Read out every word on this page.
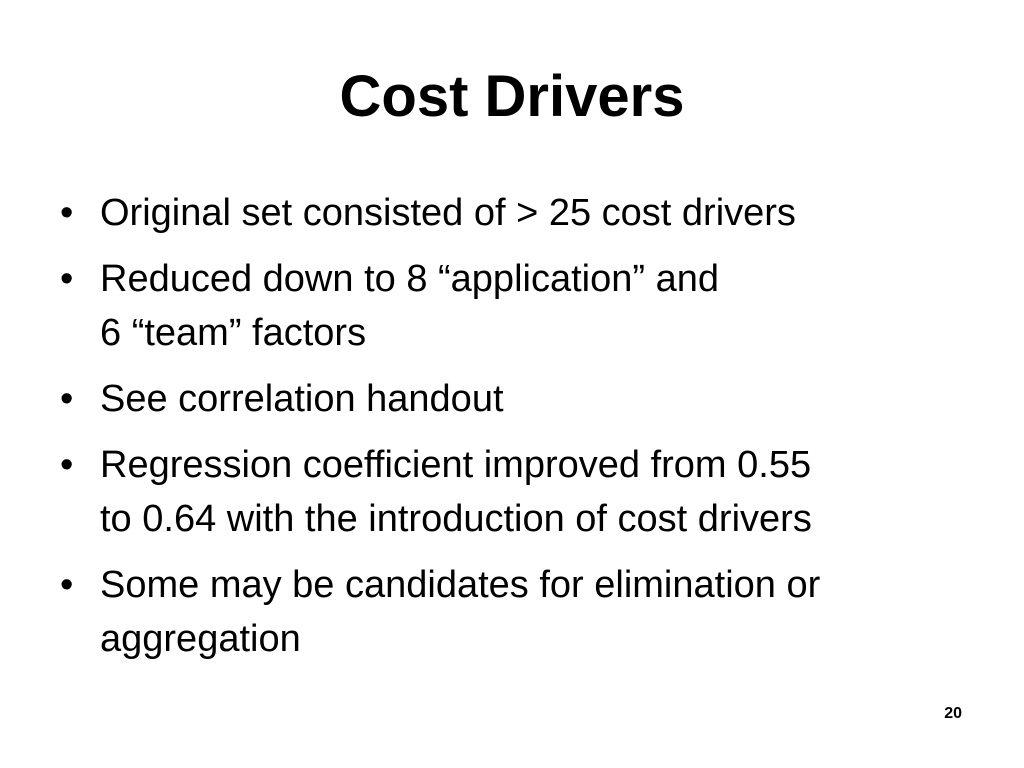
Cost Drivers
• Original set consisted of > 25 cost drivers
• Reduced down to 8 “application” and
6 “team” factors
• See correlation handout
• Regression coefficient improved from 0.55
to 0.64 with the introduction of cost drivers
• Some may be candidates for elimination or
aggregation
20
